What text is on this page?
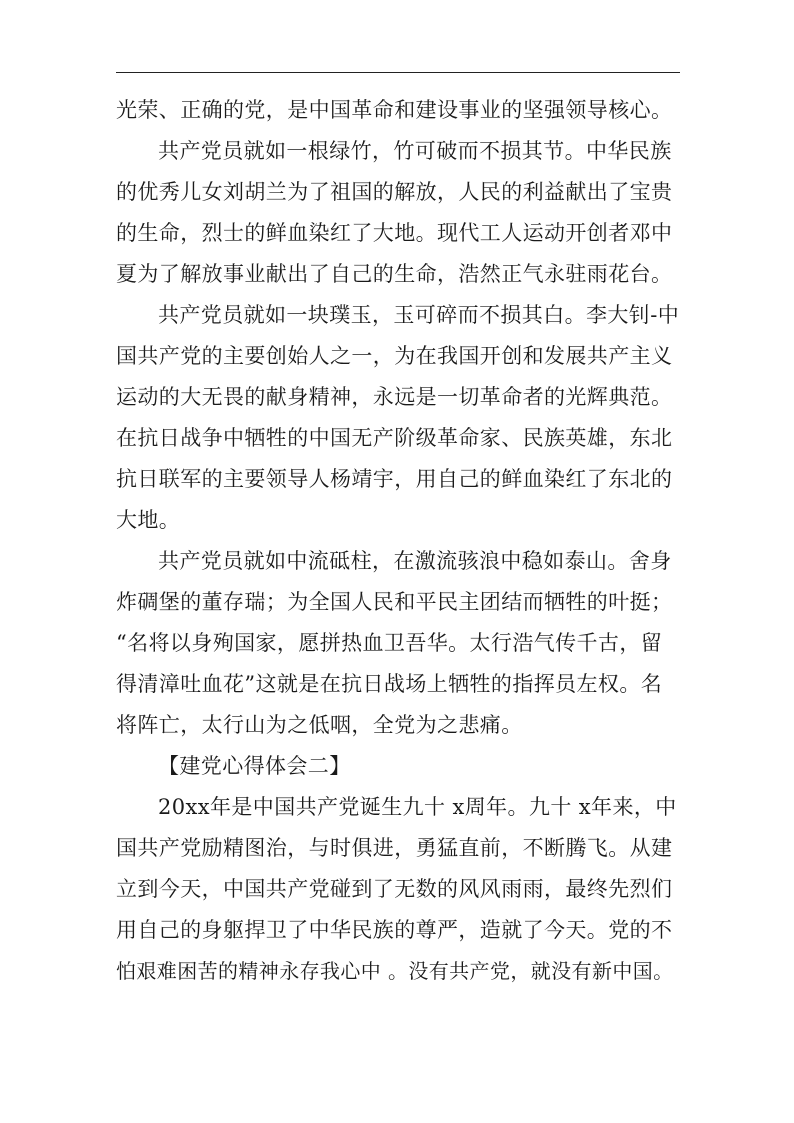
光荣、正确的党，是中国革命和建设事业的坚强领导核心。
共产党员就如一根绿竹，竹可破而不损其节。中华民族
的优秀儿女刘胡兰为了祖国的解放，人民的利益献出了宝贵
的生命，烈士的鲜血染红了大地。现代工人运动开创者邓中
夏为了解放事业献出了自己的生命，浩然正气永驻雨花台。
共产党员就如一块璞玉，玉可碎而不损其白。李大钊-中
国共产党的主要创始人之一，为在我国开创和发展共产主义
运动的大无畏的献身精神，永远是一切革命者的光辉典范。
在抗日战争中牺牲的中国无产阶级革命家、民族英雄，东北
抗日联军的主要领导人杨靖宇，用自己的鲜血染红了东北的
大地。
共产党员就如中流砥柱，在激流骇浪中稳如泰山。舍身
炸碉堡的董存瑞；为全国人民和平民主团结而牺牲的叶挺；
“名将以身殉国家，愿拼热血卫吾华。太行浩气传千古，留
得清漳吐血花”这就是在抗日战场上牺牲的指挥员左权。名
将阵亡，太行山为之低咽，全党为之悲痛。
【建党心得体会二】
20xx年是中国共产党诞生九十 x周年。九十 x年来，中
国共产党励精图治，与时俱进，勇猛直前，不断腾飞。从建
立到今天，中国共产党碰到了无数的风风雨雨，最终先烈们
用自己的身躯捍卫了中华民族的尊严，造就了今天。党的不
怕艰难困苦的精神永存我心中 。没有共产党，就没有新中国。
